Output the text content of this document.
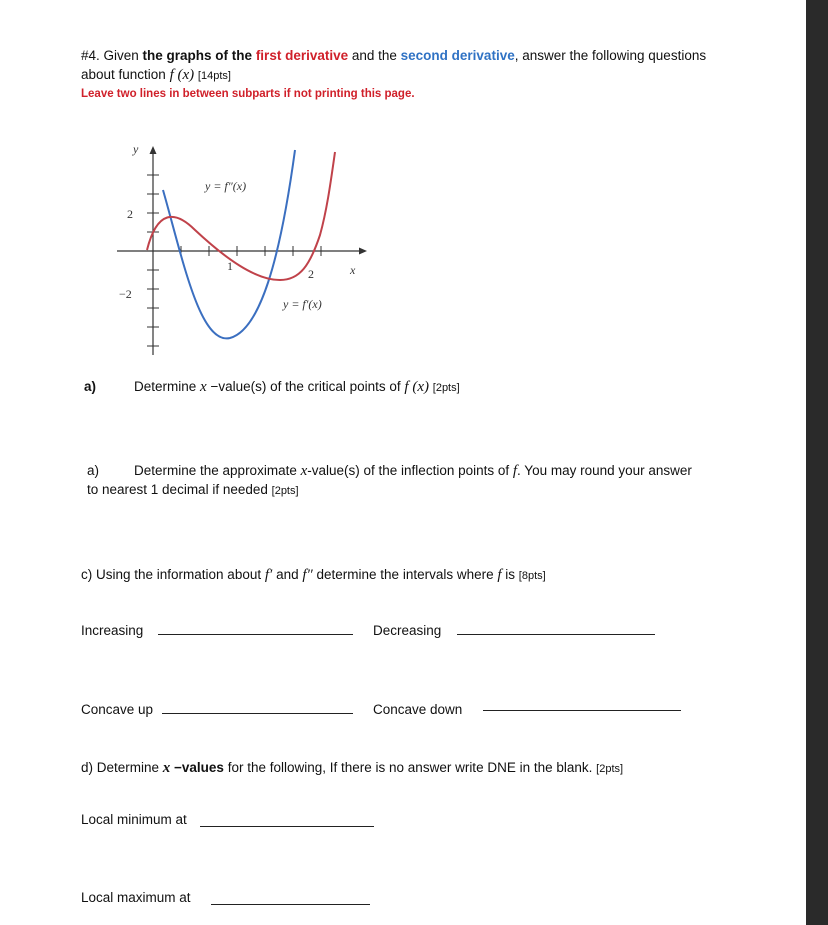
#4. Given the graphs of the first derivative and the second derivative, answer the following questions
about function f (x) [14pts]
Leave two lines in between subparts if not printing this page.
y = f″(x)
y = f′(x)
y
x
2
−2
1
2
a)	Determine x −value(s) of the critical points of f (x) [2pts]
a)	Determine the approximate x-value(s) of the inflection points of f. You may round your answer
to nearest 1 decimal if needed [2pts]
c) Using the information about f′ and f″ determine the intervals where f is [8pts]
Increasing	Decreasing
Concave up	Concave down
d) Determine x −values for the following, If there is no answer write DNE in the blank. [2pts]
Local minimum at
Local maximum at
